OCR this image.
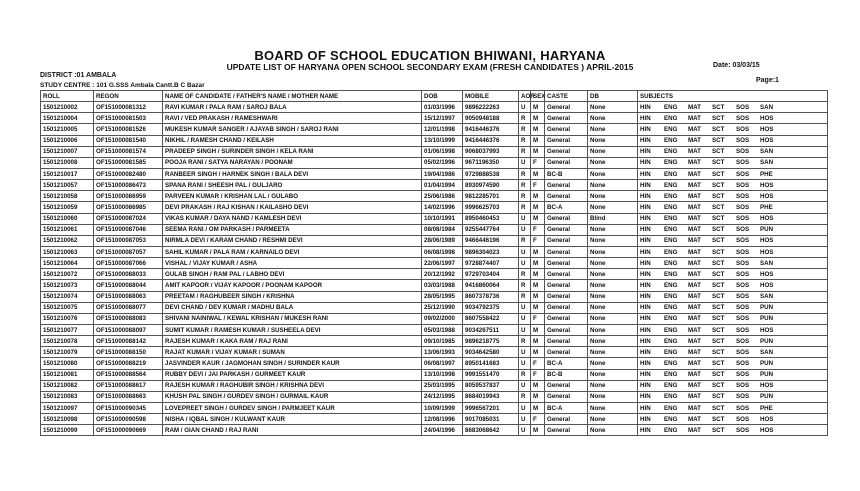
BOARD OF SCHOOL EDUCATION BHIWANI, HARYANA
UPDATE LIST OF HARYANA OPEN SCHOOL SECONDARY EXAM (FRESH CANDIDATES ) APRIL-2015	Date: 03/03/15
DISTRICT :01 AMBALA
Page:1
STUDY CENTRE : 101 G.SSS Ambala Cantt.B C Bazar
ROLL	REGON	NAME OF CANDIDATE / FATHER'S NAME / MOTHER NAME	DOB	MOBILE	AOR	SEX	CASTE	DB	SUBJECTS
1501210002	OF151000081312	RAVI KUMAR / PALA RAM / SAROJ BALA	01/03/1996	9896222263	U	M	General	None	HIN ENG MAT SCT SOS SAN
1501210004	OF151000081503	RAVI / VED PRAKASH / RAMESHWARI	15/12/1997	9050948188	R	M	General	None	HIN ENG MAT SCT SOS HOS
1501210005	OF151000081526	MUKESH KUMAR SANGER / AJAYAB SINGH / SAROJ RANI	12/01/1998	9416446376	R	M	General	None	HIN ENG MAT SCT SOS HOS
1501210006	OF151000081540	NIKHIL / RAMESH CHAND / KEILASH	13/10/1999	9416446376	R	M	General	None	HIN ENG MAT SCT SOS HOS
1501210007	OF151000081574	PRADEEP SINGH / SURINDER SINGH / KELA RANI	01/06/1998	9068037993	R	M	General	None	HIN ENG MAT SCT SOS SAN
1501210008	OF151000081585	POOJA RANI / SATYA NARAYAN / POONAM	05/02/1996	9671196350	U	F	General	None	HIN ENG MAT SCT SOS SAN
1501210017	OF151000082480	RANBEER SINGH / HARNEK SINGH / BALA DEVI	19/04/1986	9729888538	R	M	BC-B	None	HIN ENG MAT SCT SOS PHE
1501210057	OF151000086473	SPANA RANI / SHEESH PAL / GULJARO	01/04/1994	8930974590	R	F	General	None	HIN ENG MAT SCT SOS HOS
1501210058	OF151000086959	PARVEEN KUMAR / KRISHAN LAL / GULABO	25/06/1986	9812285701	R	M	General	None	HIN ENG MAT SCT SOS HOS
1501210059	OF151000086985	DEVI PRAKASH / RAJ KISHAN / KAILASHO DEVI	14/02/1996	9996625703	R	M	BC-A	None	HIN ENG MAT SCT SOS PHE
1501210060	OF151000087024	VIKAS KUMAR / DAYA NAND / KAMLESH DEVI	10/10/1991	8950460453	U	M	General	Blind	HIN ENG MAT SCT SOS HOS
1501210061	OF151000087046	SEEMA RANI / OM PARKASH / PARMEETA	08/08/1984	9255447764	U	F	General	None	HIN ENG MAT SCT SOS PUN
1501210062	OF151000087053	NIRMLA DEVI / KARAM CHAND / RESHMI DEVI	28/06/1989	9466446196	R	F	General	None	HIN ENG MAT SCT SOS HOS
1501210063	OF151000087057	SAHIL KUMAR / PALA RAM / KARNAILO DEVI	06/08/1998	9896304023	U	M	General	None	HIN ENG MAT SCT SOS HOS
1501210064	OF151000087066	VISHAL / VIJAY KUMAR / ASHA	22/06/1997	9728874407	U	M	General	None	HIN ENG MAT SCT SOS SAN
1501210072	OF151000088033	GULAB SINGH / RAM PAL / LABHO DEVI	20/12/1992	9729703404	R	M	General	None	HIN ENG MAT SCT SOS HOS
1501210073	OF151000088044	AMIT KAPOOR / VIJAY KAPOOR / POONAM KAPOOR	03/03/1988	9416860064	R	M	General	None	HIN ENG MAT SCT SOS HOS
1501210074	OF151000088063	PREETAM / RAGHUBEER SINGH / KRISHNA	28/05/1995	8607378736	R	M	General	None	HIN ENG MAT SCT SOS SAN
1501210075	OF151000088077	DEVI CHAND / DEV KUMAR / MADHU BALA	25/12/1990	9034792375	U	M	General	None	HIN ENG MAT SCT SOS PUN
1501210076	OF151000088083	SHIVANI NAINIWAL / KEWAL KRISHAN / MUKESH RANI	09/02/2000	8607558422	U	F	General	None	HIN ENG MAT SCT SOS PUN
1501210077	OF151000088097	SUMIT KUMAR / RAMESH KUMAR / SUSHEELA DEVI	05/03/1988	9034267511	U	M	General	None	HIN ENG MAT SCT SOS HOS
1501210078	OF151000088142	RAJESH KUMAR / KAKA RAM / RAJ RANI	09/10/1985	9896218775	R	M	General	None	HIN ENG MAT SCT SOS PUN
1501210079	OF151000088150	RAJAT KUMAR / VIJAY KUMAR / SUMAN	13/06/1993	9034642580	U	M	General	None	HIN ENG MAT SCT SOS SAN
1501210080	OF151000088219	JASVINDER KAUR / JAGMOHAN SINGH / SURINDER KAUR	06/08/1997	8950141683	U	F	BC-A	None	HIN ENG MAT SCT SOS PUN
1501210081	OF151000088564	RUBBY DEVI / JAI PARKASH / GURMEET KAUR	13/10/1998	9991551470	R	F	BC-B	None	HIN ENG MAT SCT SOS PUN
1501210082	OF151000088617	RAJESH KUMAR / RAGHUBIR SINGH / KRISHNA DEVI	25/03/1995	8059537837	U	M	General	None	HIN ENG MAT SCT SOS HOS
1501210083	OF151000088663	KHUSH PAL SINGH / GURDEV SINGH / GURMAIL KAUR	24/12/1995	8684019943	R	M	General	None	HIN ENG MAT SCT SOS PUN
1501210097	OF151000090345	LOVEPREET SINGH / GURDEV SINGH / PARMJEET KAUR	10/09/1999	9996567201	U	M	BC-A	None	HIN ENG MAT SCT SOS PHE
1501210098	OF151000090598	NISHA / IQBAL SINGH / KULWANT KAUR	12/08/1996	9017085031	U	F	General	None	HIN ENG MAT SCT SOS HOS
1501210099	OF151000090669	RAM / GIAN CHAND / RAJ RANI	24/04/1996	8683068642	U	M	General	None	HIN ENG MAT SCT SOS HOS
